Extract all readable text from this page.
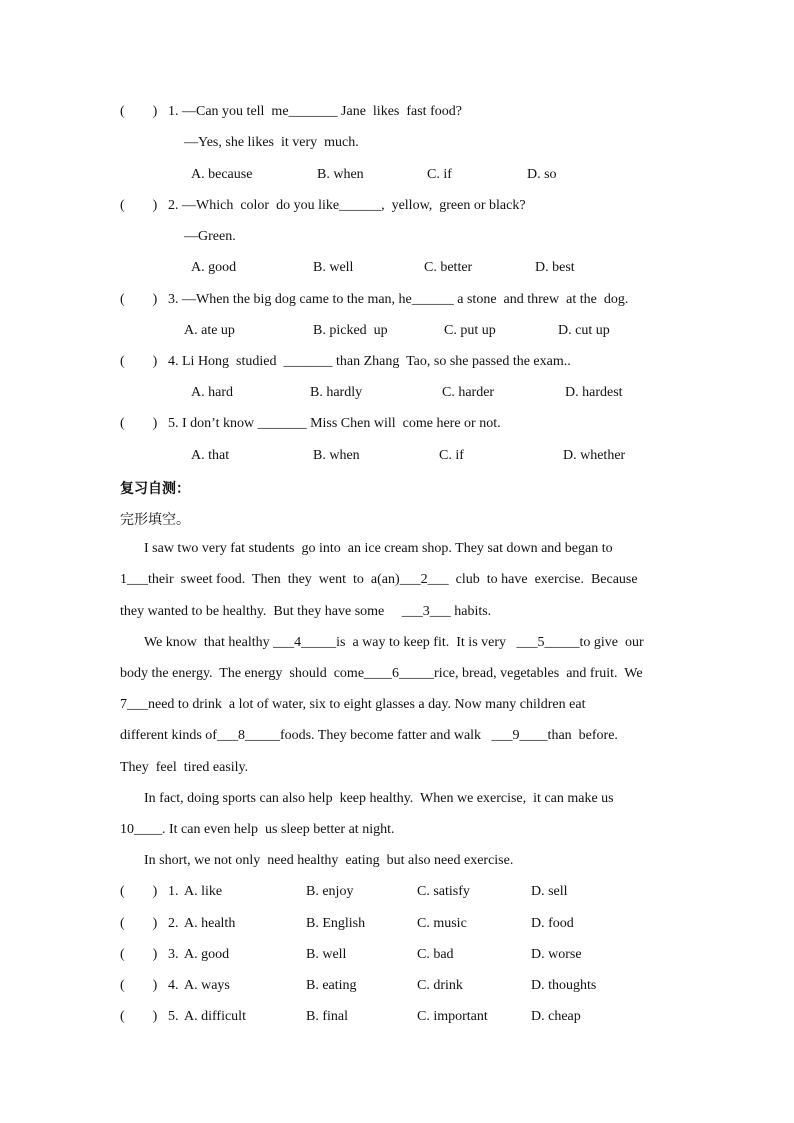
(        ) 1. —Can you tell  me_______ Jane  likes  fast food?
—Yes, she likes  it very  much.
A. because	B. when	C. if	D. so
(        ) 2. —Which  color  do you like______,  yellow,  green or black?
—Green.
A. good	B. well	C. better	D. best
(        ) 3. —When the big dog came to the man, he______ a stone  and threw  at the  dog.
A. ate up	B. picked  up	C. put up	D. cut up
(        ) 4. Li Hong  studied  _______ than Zhang  Tao, so she passed the exam..
A. hard	B. hardly	C. harder	D. hardest
(        ) 5. I don’t know _______ Miss Chen will  come here or not.
A. that	B. when	C. if	D. whether
复习自测：
完形填空。
I saw two very fat students  go into  an ice cream shop. They sat down and began to
1___their  sweet food.  Then  they  went  to  a(an)___2___  club  to have  exercise.  Because
they wanted to be healthy.  But they have some     ___3___ habits.
We know  that healthy ___4_____is  a way to keep fit.  It is very   ___5_____to give  our
body the energy.  The energy  should  come____6_____rice, bread, vegetables  and fruit.  We
7___need to drink  a lot of water, six to eight glasses a day. Now many children eat
different kinds of___8_____foods. They become fatter and walk   ___9____than  before.
They  feel  tired easily.
In fact, doing sports can also help  keep healthy.  When we exercise,  it can make us
10____. It can even help  us sleep better at night.
In short, we not only  need healthy  eating  but also need exercise.
(        ) 1. A. like	B. enjoy	C. satisfy	D. sell
(        ) 2. A. health	B. English	C. music	D. food
(        ) 3. A. good	B. well	C. bad	D. worse
(        ) 4. A. ways	B. eating	C. drink	D. thoughts
(        ) 5. A. difficult	B. final	C. important	D. cheap
